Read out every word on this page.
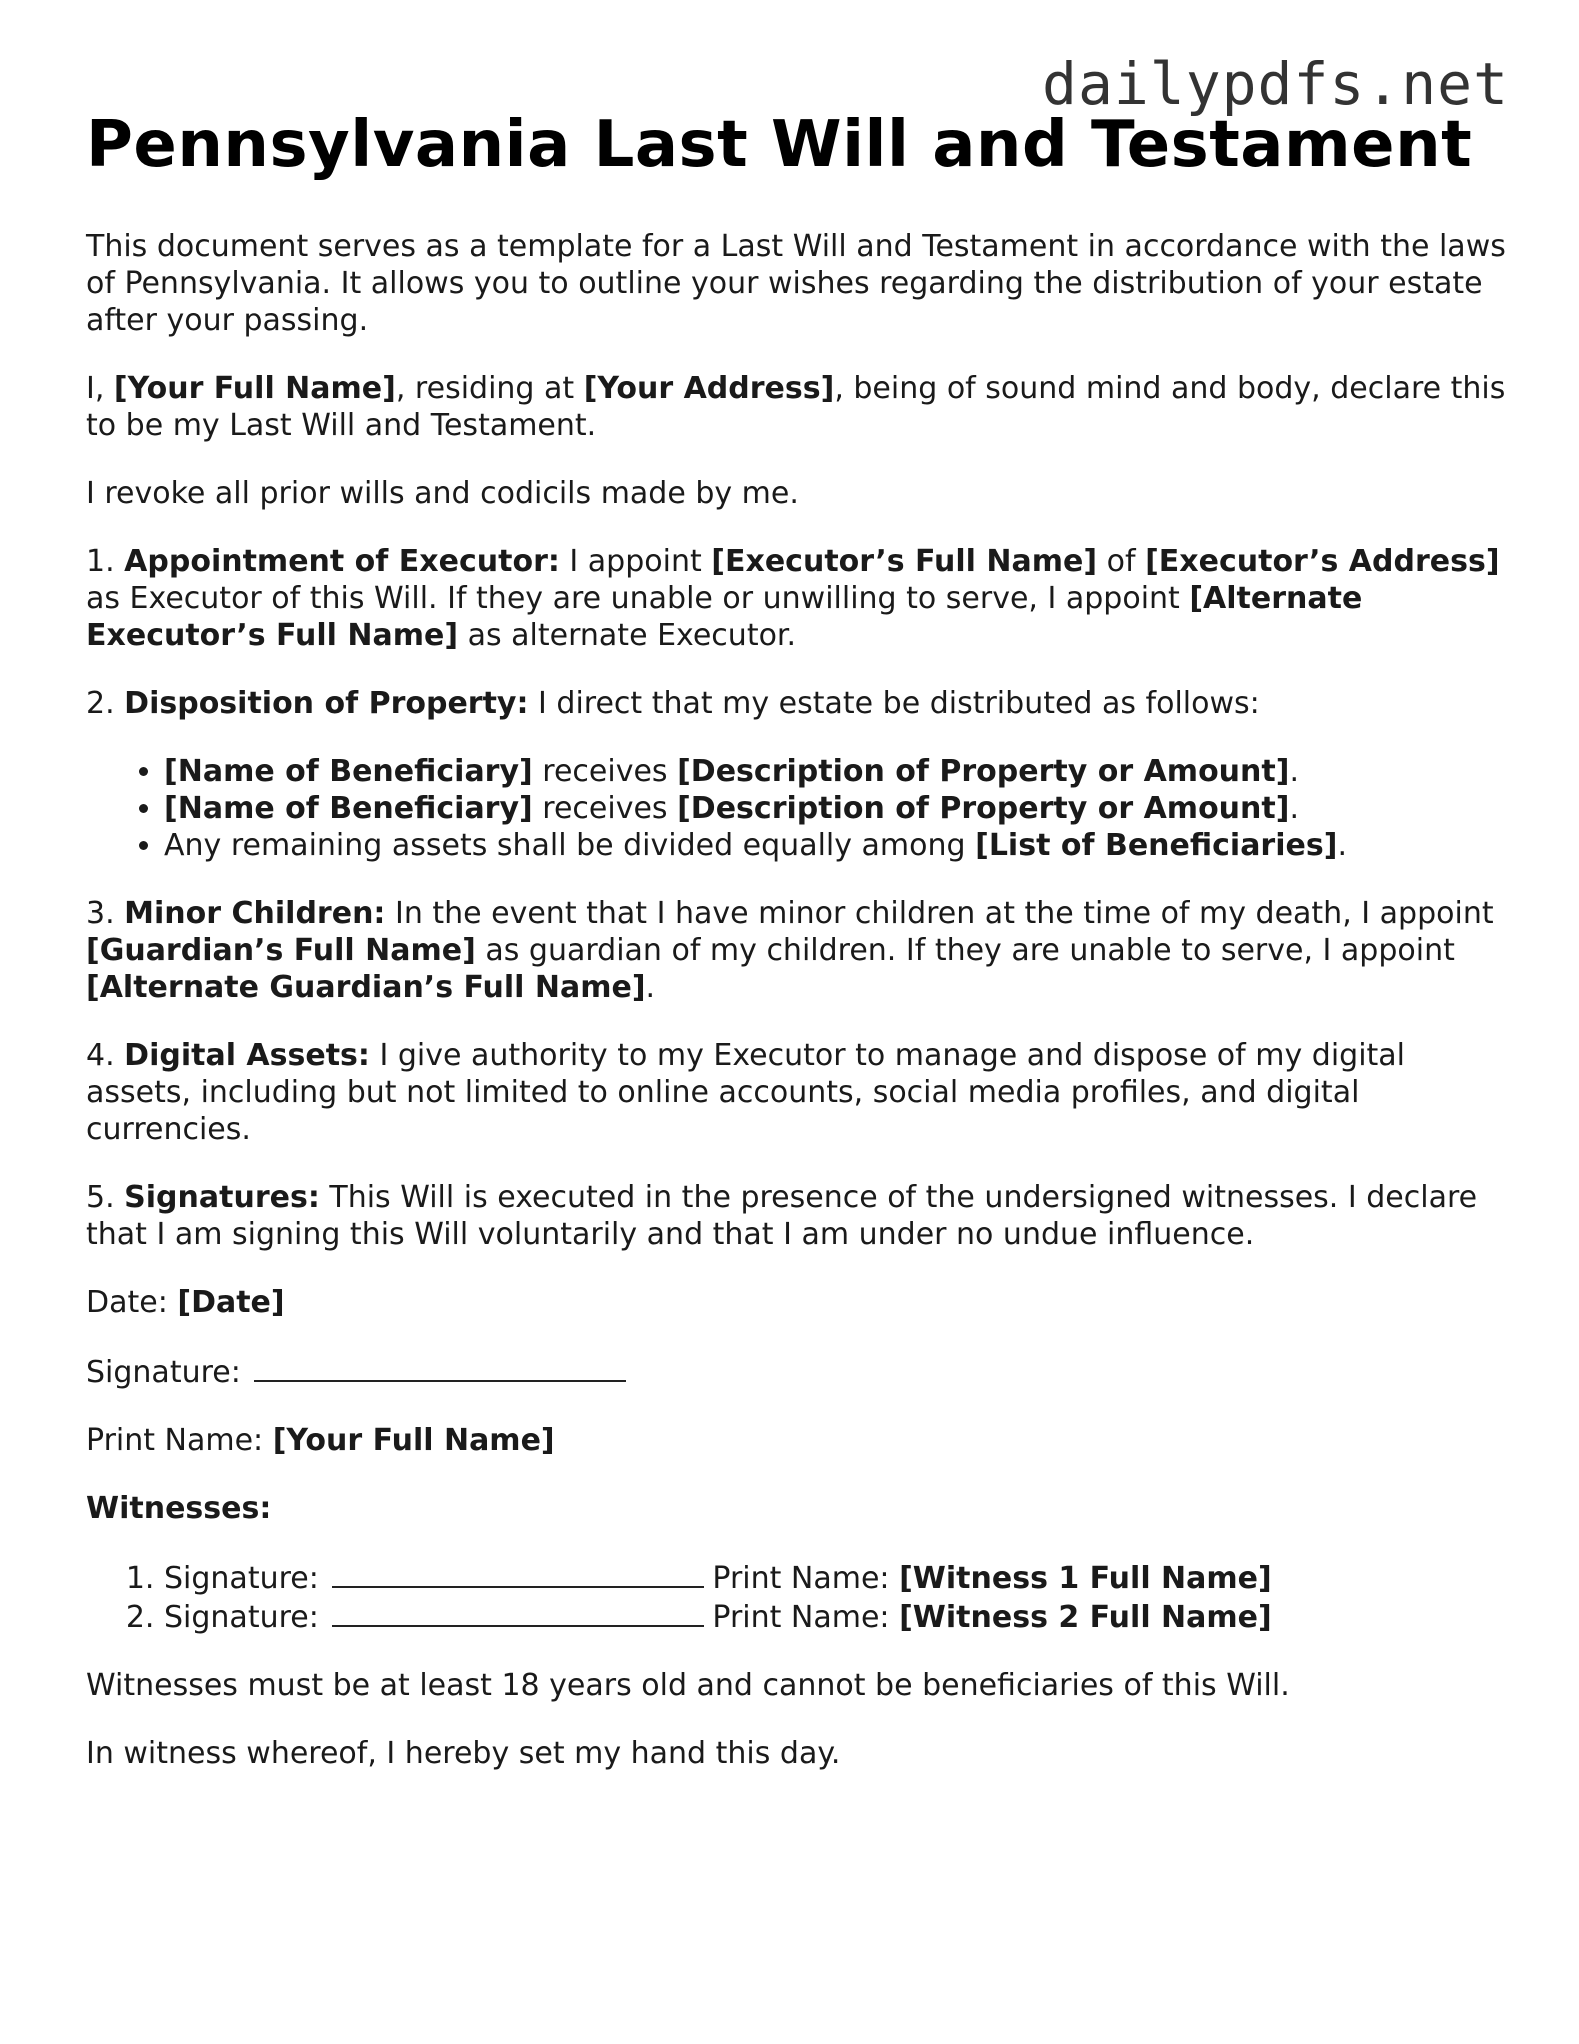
dailypdfs.net
Pennsylvania Last Will and Testament

This document serves as a template for a Last Will and Testament in accordance with the laws of Pennsylvania. It allows you to outline your wishes regarding the distribution of your estate after your passing.

I, [Your Full Name], residing at [Your Address], being of sound mind and body, declare this to be my Last Will and Testament.

I revoke all prior wills and codicils made by me.

1. Appointment of Executor: I appoint [Executor’s Full Name] of [Executor’s Address] as Executor of this Will. If they are unable or unwilling to serve, I appoint [Alternate Executor’s Full Name] as alternate Executor.

2. Disposition of Property: I direct that my estate be distributed as follows:

• [Name of Beneficiary] receives [Description of Property or Amount].
• [Name of Beneficiary] receives [Description of Property or Amount].
• Any remaining assets shall be divided equally among [List of Beneficiaries].

3. Minor Children: In the event that I have minor children at the time of my death, I appoint [Guardian’s Full Name] as guardian of my children. If they are unable to serve, I appoint [Alternate Guardian’s Full Name].

4. Digital Assets: I give authority to my Executor to manage and dispose of my digital assets, including but not limited to online accounts, social media profiles, and digital currencies.

5. Signatures: This Will is executed in the presence of the undersigned witnesses. I declare that I am signing this Will voluntarily and that I am under no undue influence.

Date: [Date]

Signature:

Print Name: [Your Full Name]

Witnesses:

1. Signature:	Print Name: [Witness 1 Full Name]
2. Signature:	Print Name: [Witness 2 Full Name]

Witnesses must be at least 18 years old and cannot be beneficiaries of this Will.

In witness whereof, I hereby set my hand this day.
